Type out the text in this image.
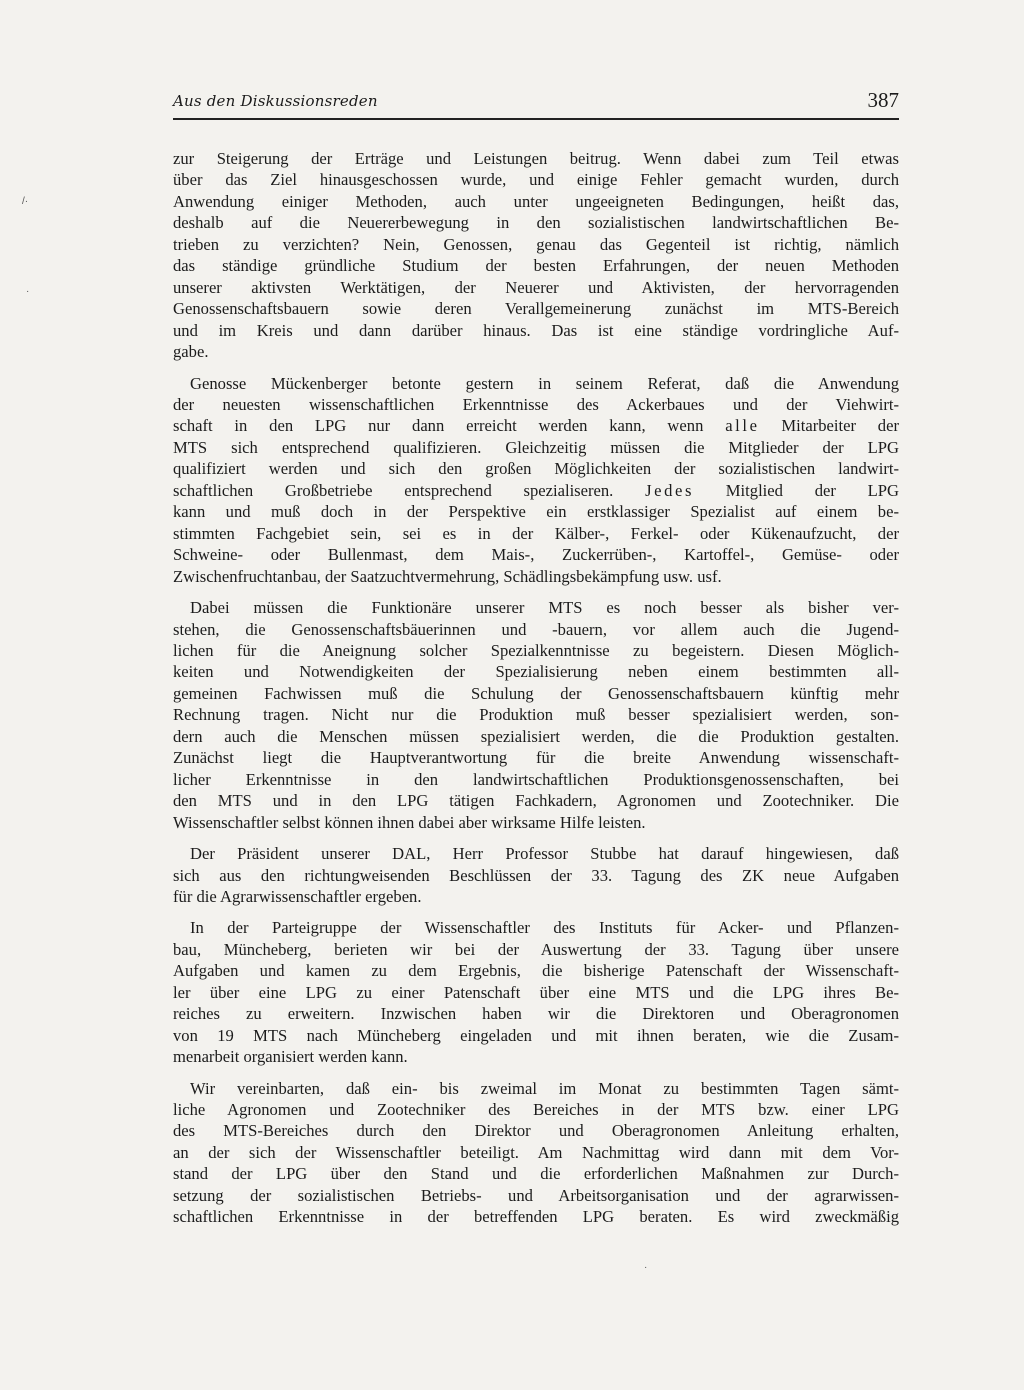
Aus den Diskussionsreden	387
/·
·
zur Steigerung der Erträge und Leistungen beitrug. Wenn dabei zum Teil etwas
über das Ziel hinausgeschossen wurde, und einige Fehler gemacht wurden, durch
Anwendung einiger Methoden, auch unter ungeeigneten Bedingungen, heißt das,
deshalb auf die Neuererbewegung in den sozialistischen landwirtschaftlichen Be-
trieben zu verzichten? Nein, Genossen, genau das Gegenteil ist richtig, nämlich
das ständige gründliche Studium der besten Erfahrungen, der neuen Methoden
unserer aktivsten Werktätigen, der Neuerer und Aktivisten, der hervorragenden
Genossenschaftsbauern sowie deren Verallgemeinerung zunächst im MTS-Bereich
und im Kreis und dann darüber hinaus. Das ist eine ständige vordringliche Auf-
gabe.
Genosse Mückenberger betonte gestern in seinem Referat, daß die Anwendung
der neuesten wissenschaftlichen Erkenntnisse des Ackerbaues und der Viehwirt-
schaft in den LPG nur dann erreicht werden kann, wenn alle Mitarbeiter der
MTS sich entsprechend qualifizieren. Gleichzeitig müssen die Mitglieder der LPG
qualifiziert werden und sich den großen Möglichkeiten der sozialistischen landwirt-
schaftlichen Großbetriebe entsprechend spezialiseren. Jedes Mitglied der LPG
kann und muß doch in der Perspektive ein erstklassiger Spezialist auf einem be-
stimmten Fachgebiet sein, sei es in der Kälber-, Ferkel- oder Kükenaufzucht, der
Schweine- oder Bullenmast, dem Mais-, Zuckerrüben-, Kartoffel-, Gemüse- oder
Zwischenfruchtanbau, der Saatzuchtvermehrung, Schädlingsbekämpfung usw. usf.
Dabei müssen die Funktionäre unserer MTS es noch besser als bisher ver-
stehen, die Genossenschaftsbäuerinnen und -bauern, vor allem auch die Jugend-
lichen für die Aneignung solcher Spezialkenntnisse zu begeistern. Diesen Möglich-
keiten und Notwendigkeiten der Spezialisierung neben einem bestimmten all-
gemeinen Fachwissen muß die Schulung der Genossenschaftsbauern künftig mehr
Rechnung tragen. Nicht nur die Produktion muß besser spezialisiert werden, son-
dern auch die Menschen müssen spezialisiert werden, die die Produktion gestalten.
Zunächst liegt die Hauptverantwortung für die breite Anwendung wissenschaft-
licher Erkenntnisse in den landwirtschaftlichen Produktionsgenossenschaften, bei
den MTS und in den LPG tätigen Fachkadern, Agronomen und Zootechniker. Die
Wissenschaftler selbst können ihnen dabei aber wirksame Hilfe leisten.
Der Präsident unserer DAL, Herr Professor Stubbe hat darauf hingewiesen, daß
sich aus den richtungweisenden Beschlüssen der 33. Tagung des ZK neue Aufgaben
für die Agrarwissenschaftler ergeben.
In der Parteigruppe der Wissenschaftler des Instituts für Acker- und Pflanzen-
bau, Müncheberg, berieten wir bei der Auswertung der 33. Tagung über unsere
Aufgaben und kamen zu dem Ergebnis, die bisherige Patenschaft der Wissenschaft-
ler über eine LPG zu einer Patenschaft über eine MTS und die LPG ihres Be-
reiches zu erweitern. Inzwischen haben wir die Direktoren und Oberagronomen
von 19 MTS nach Müncheberg eingeladen und mit ihnen beraten, wie die Zusam-
menarbeit organisiert werden kann.
Wir vereinbarten, daß ein- bis zweimal im Monat zu bestimmten Tagen sämt-
liche Agronomen und Zootechniker des Bereiches in der MTS bzw. einer LPG
des MTS-Bereiches durch den Direktor und Oberagronomen Anleitung erhalten,
an der sich der Wissenschaftler beteiligt. Am Nachmittag wird dann mit dem Vor-
stand der LPG über den Stand und die erforderlichen Maßnahmen zur Durch-
setzung der sozialistischen Betriebs- und Arbeitsorganisation und der agrarwissen-
schaftlichen Erkenntnisse in der betreffenden LPG beraten. Es wird zweckmäßig
·
